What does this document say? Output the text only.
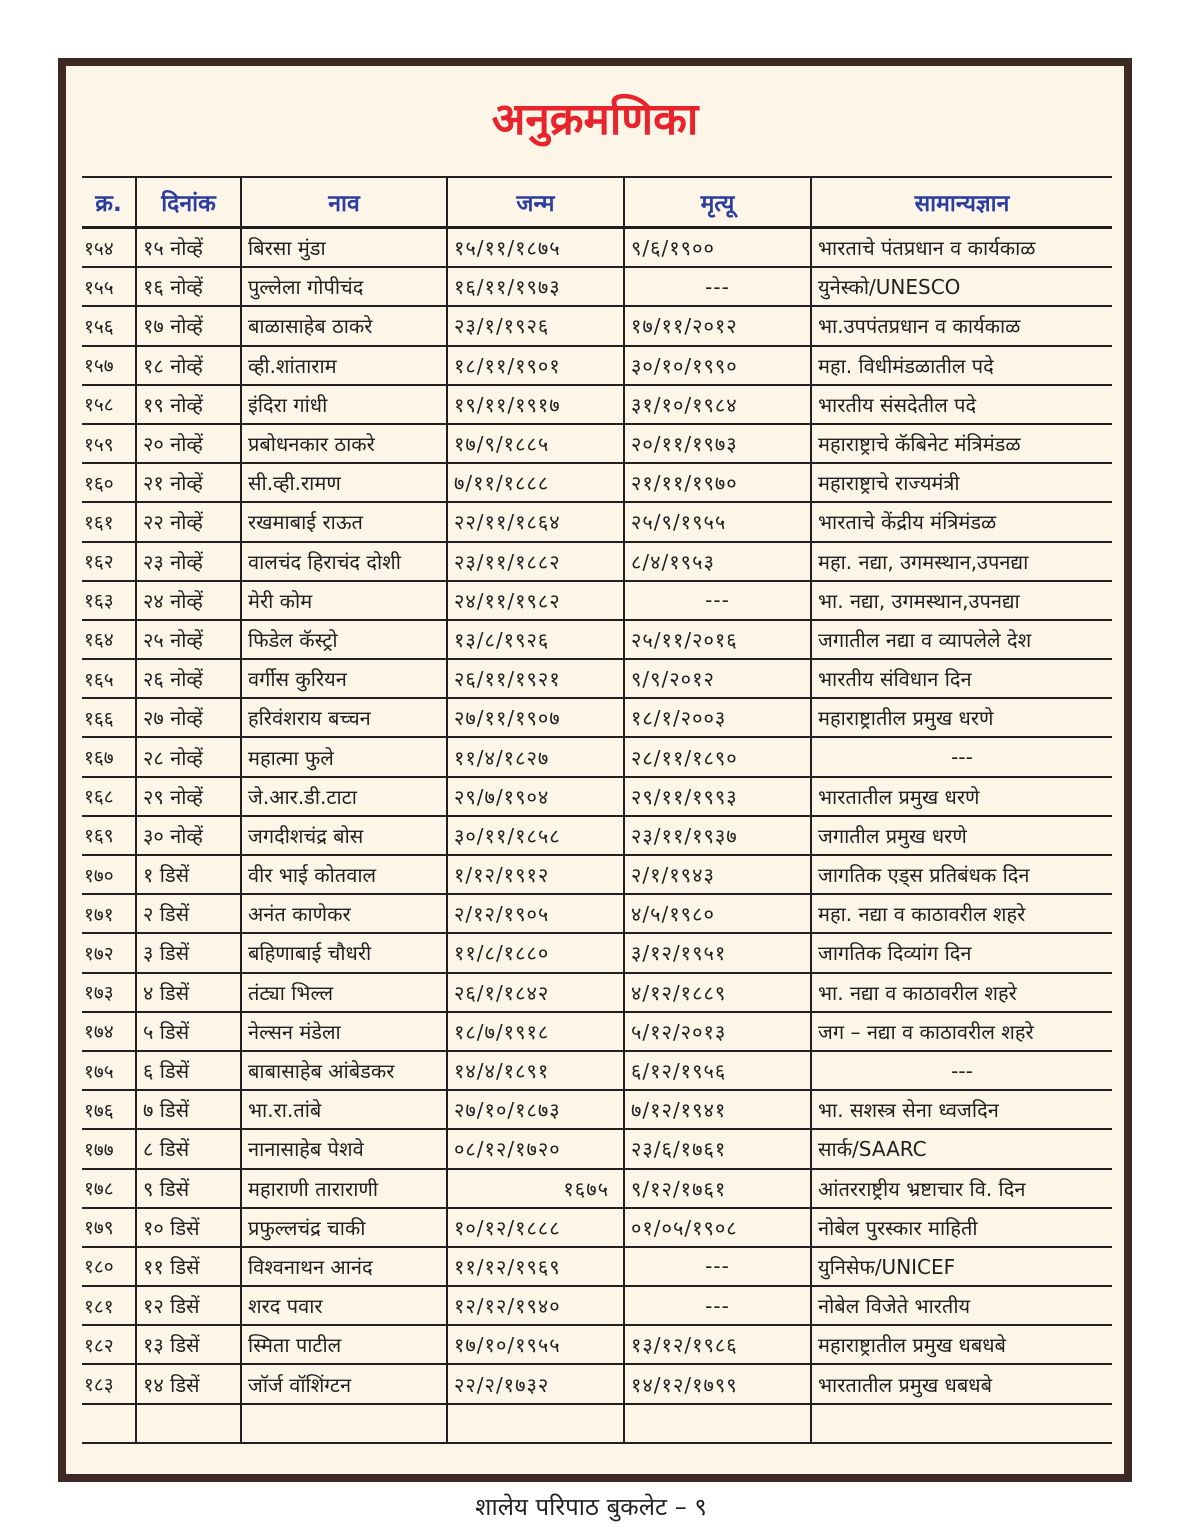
अनुक्रमणिका
क्र.	दिनांक	नाव	जन्म	मृत्यू	सामान्यज्ञान
१५४	१५ नोव्हें	बिरसा मुंडा	१५/११/१८७५	९/६/१९००	भारताचे पंतप्रधान व कार्यकाळ
१५५	१६ नोव्हें	पुल्लेला गोपीचंद	१६/११/१९७३	---	युनेस्को/UNESCO
१५६	१७ नोव्हें	बाळासाहेब ठाकरे	२३/१/१९२६	१७/११/२०१२	भा.उपपंतप्रधान व कार्यकाळ
१५७	१८ नोव्हें	व्ही.शांताराम	१८/११/१९०१	३०/१०/१९९०	महा. विधीमंडळातील पदे
१५८	१९ नोव्हें	इंदिरा गांधी	१९/११/१९१७	३१/१०/१९८४	भारतीय संसदेतील पदे
१५९	२० नोव्हें	प्रबोधनकार ठाकरे	१७/९/१८८५	२०/११/१९७३	महाराष्ट्राचे कॅबिनेट मंत्रिमंडळ
१६०	२१ नोव्हें	सी.व्ही.रामण	७/११/१८८८	२१/११/१९७०	महाराष्ट्राचे राज्यमंत्री
१६१	२२ नोव्हें	रखमाबाई राऊत	२२/११/१८६४	२५/९/१९५५	भारताचे केंद्रीय मंत्रिमंडळ
१६२	२३ नोव्हें	वालचंद हिराचंद दोशी	२३/११/१८८२	८/४/१९५३	महा. नद्या, उगमस्थान,उपनद्या
१६३	२४ नोव्हें	मेरी कोम	२४/११/१९८२	---	भा. नद्या, उगमस्थान,उपनद्या
१६४	२५ नोव्हें	फिडेल कॅस्ट्रो	१३/८/१९२६	२५/११/२०१६	जगातील नद्या व व्यापलेले देश
१६५	२६ नोव्हें	वर्गीस कुरियन	२६/११/१९२१	९/९/२०१२	भारतीय संविधान दिन
१६६	२७ नोव्हें	हरिवंशराय बच्चन	२७/११/१९०७	१८/१/२००३	महाराष्ट्रातील प्रमुख धरणे
१६७	२८ नोव्हें	महात्मा फुले	११/४/१८२७	२८/११/१८९०	---
१६८	२९ नोव्हें	जे.आर.डी.टाटा	२९/७/१९०४	२९/११/१९९३	भारतातील प्रमुख धरणे
१६९	३० नोव्हें	जगदीशचंद्र बोस	३०/११/१८५८	२३/११/१९३७	जगातील प्रमुख धरणे
१७०	१ डिसें	वीर भाई कोतवाल	१/१२/१९१२	२/१/१९४३	जागतिक एड्स प्रतिबंधक दिन
१७१	२ डिसें	अनंत काणेकर	२/१२/१९०५	४/५/१९८०	महा. नद्या व काठावरील शहरे
१७२	३ डिसें	बहिणाबाई चौधरी	११/८/१८८०	३/१२/१९५१	जागतिक दिव्यांग दिन
१७३	४ डिसें	तंट्या भिल्ल	२६/१/१८४२	४/१२/१८८९	भा. नद्या व काठावरील शहरे
१७४	५ डिसें	नेल्सन मंडेला	१८/७/१९१८	५/१२/२०१३	जग – नद्या व काठावरील शहरे
१७५	६ डिसें	बाबासाहेब आंबेडकर	१४/४/१८९१	६/१२/१९५६	---
१७६	७ डिसें	भा.रा.तांबे	२७/१०/१८७३	७/१२/१९४१	भा. सशस्त्र सेना ध्वजदिन
१७७	८ डिसें	नानासाहेब पेशवे	०८/१२/१७२०	२३/६/१७६१	सार्क/SAARC
१७८	९ डिसें	महाराणी ताराराणी	१६७५	९/१२/१७६१	आंतरराष्ट्रीय भ्रष्टाचार वि. दिन
१७९	१० डिसें	प्रफुल्लचंद्र चाकी	१०/१२/१८८८	०१/०५/१९०८	नोबेल पुरस्कार माहिती
१८०	११ डिसें	विश्वनाथन आनंद	११/१२/१९६९	---	युनिसेफ/UNICEF
१८१	१२ डिसें	शरद पवार	१२/१२/१९४०	---	नोबेल विजेते भारतीय
१८२	१३ डिसें	स्मिता पाटील	१७/१०/१९५५	१३/१२/१९८६	महाराष्ट्रातील प्रमुख धबधबे
१८३	१४ डिसें	जॉर्ज वॉशिंग्टन	२२/२/१७३२	१४/१२/१७९९	भारतातील प्रमुख धबधबे

शालेय परिपाठ बुकलेट – ९
